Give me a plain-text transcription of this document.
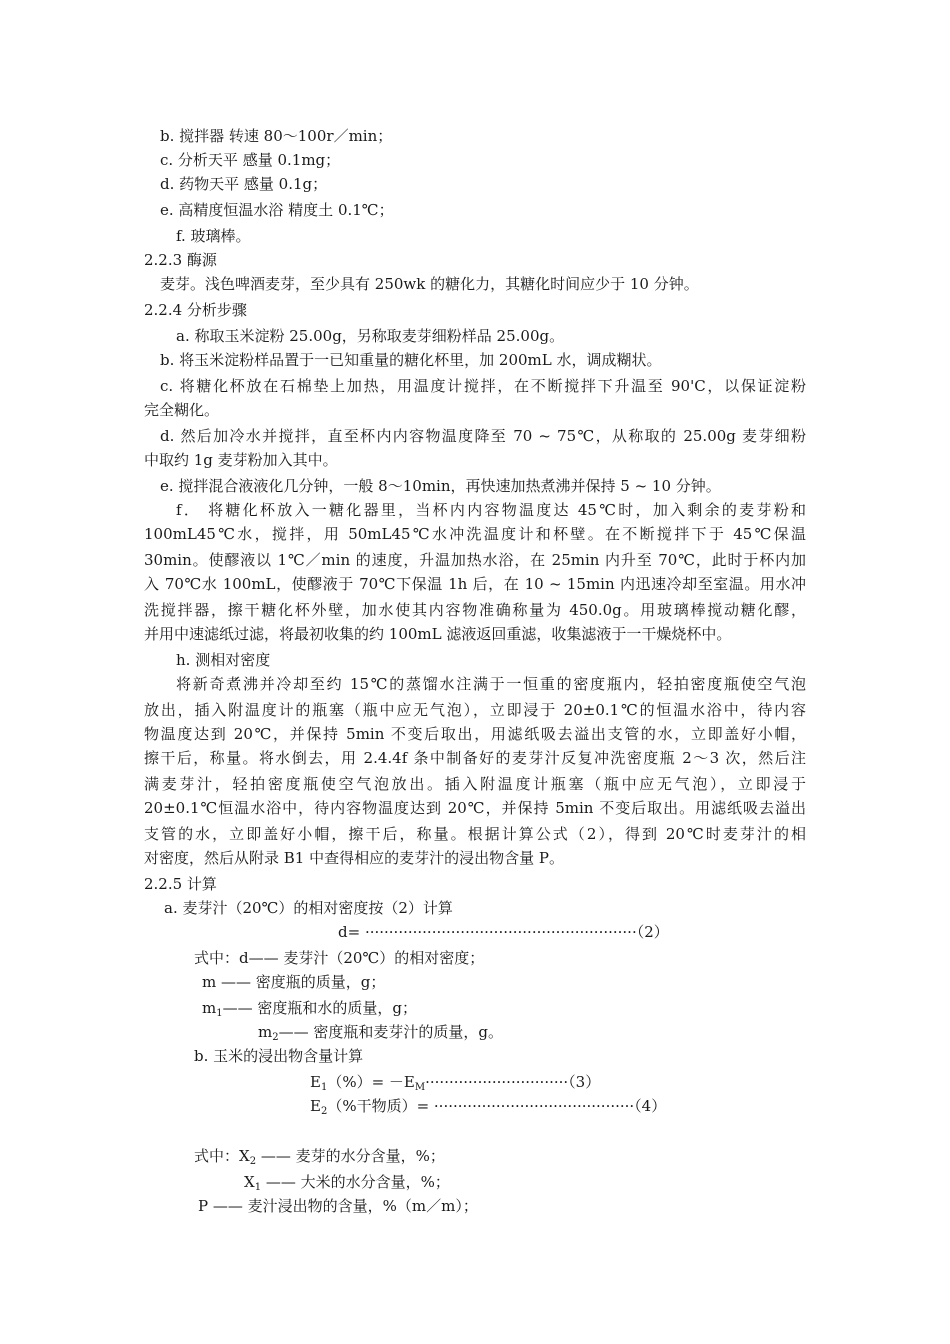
b. 搅拌器 转速 80～100r／min；
c. 分析天平 感量 0.1mg；
d. 药物天平 感量 0.1g；
e. 高精度恒温水浴 精度土 0.1℃；
f. 玻璃棒。
2.2.3 酶源
麦芽。浅色啤酒麦芽，至少具有 250wk 的糖化力，其糖化时间应少于 10 分钟。
2.2.4 分析步骤
a. 称取玉米淀粉 25.00g，另称取麦芽细粉样品 25.00g。
b. 将玉米淀粉样品置于一已知重量的糖化杯里，加 200mL 水，调成糊状。
c. 将糖化杯放在石棉垫上加热，用温度计搅拌，在不断搅拌下升温至 90'C，以保证淀粉
完全糊化。
d. 然后加冷水并搅拌，直至杯内内容物温度降至 70 ~ 75℃，从称取的 25.00g 麦芽细粉
中取约 1g 麦芽粉加入其中。
e. 搅拌混合液液化几分钟，一般 8～10min，再快速加热煮沸并保持 5 ~ 10 分钟。
f． 将糖化杯放入一糖化器里，当杯内内容物温度达 45℃时，加入剩余的麦芽粉和
100mL45℃水，搅拌，用 50mL45℃水冲洗温度计和杯壁。在不断搅拌下于 45℃保温
30min。使醪液以 1℃／min 的速度，升温加热水浴，在 25min 内升至 70℃，此时于杯内加
入 70℃水 100mL，使醪液于 70℃下保温 1h 后，在 10 ~ 15min 内迅速冷却至室温。用水冲
洗搅拌器，擦干糖化杯外壁，加水使其内容物准确称量为 450.0g。用玻璃棒搅动糖化醪，
并用中速滤纸过滤，将最初收集的约 100mL 滤液返回重滤，收集滤液于一干燥烧杯中。
h. 测相对密度
将新奇煮沸并冷却至约 15℃的蒸馏水注满于一恒重的密度瓶内，轻拍密度瓶使空气泡
放出，插入附温度计的瓶塞（瓶中应无气泡），立即浸于 20±0.1℃的恒温水浴中，待内容
物温度达到 20℃，并保持 5min 不变后取出，用滤纸吸去溢出支管的水，立即盖好小帽，
擦干后，称量。将水倒去，用 2.4.4f 条中制备好的麦芽汁反复冲洗密度瓶 2～3 次，然后注
满麦芽汁，轻拍密度瓶使空气泡放出。插入附温度计瓶塞（瓶中应无气泡），立即浸于
20±0.1℃恒温水浴中，待内容物温度达到 20℃，并保持 5min 不变后取出。用滤纸吸去溢出
支管的水，立即盖好小帽，擦干后，称量。根据计算公式（2），得到 20℃时麦芽汁的相
对密度，然后从附录 B1 中查得相应的麦芽汁的浸出物含量 P。
2.2.5 计算
a. 麦芽汁（20℃）的相对密度按（2）计算
d= ·························································（2）
式中：d—— 麦芽汁（20℃）的相对密度；
m —— 密度瓶的质量，g；
$m_1——$ 密度瓶和水的质量，g；
$m_2——$ 密度瓶和麦芽汁的质量，g。
b. 玉米的浸出物含量计算
$E_1(\%)= -E_M\cdot\cdot\cdot\cdot\cdot\cdot\cdot\cdot\cdot\cdot\cdot\cdot\cdot\cdot\cdot\cdot\cdot\cdot\cdot\cdot\cdot\cdot\cdot\cdot\cdot\cdot\cdot\cdot\cdot\cdot(3)$
$E_2(\%$干物质）= ··········································（4）
式中：$X_2$ —— 麦芽的水分含量，%；
$X_1$ —— 大米的水分含量，%；
P —— 麦汁浸出物的含量，%（m／m）；
